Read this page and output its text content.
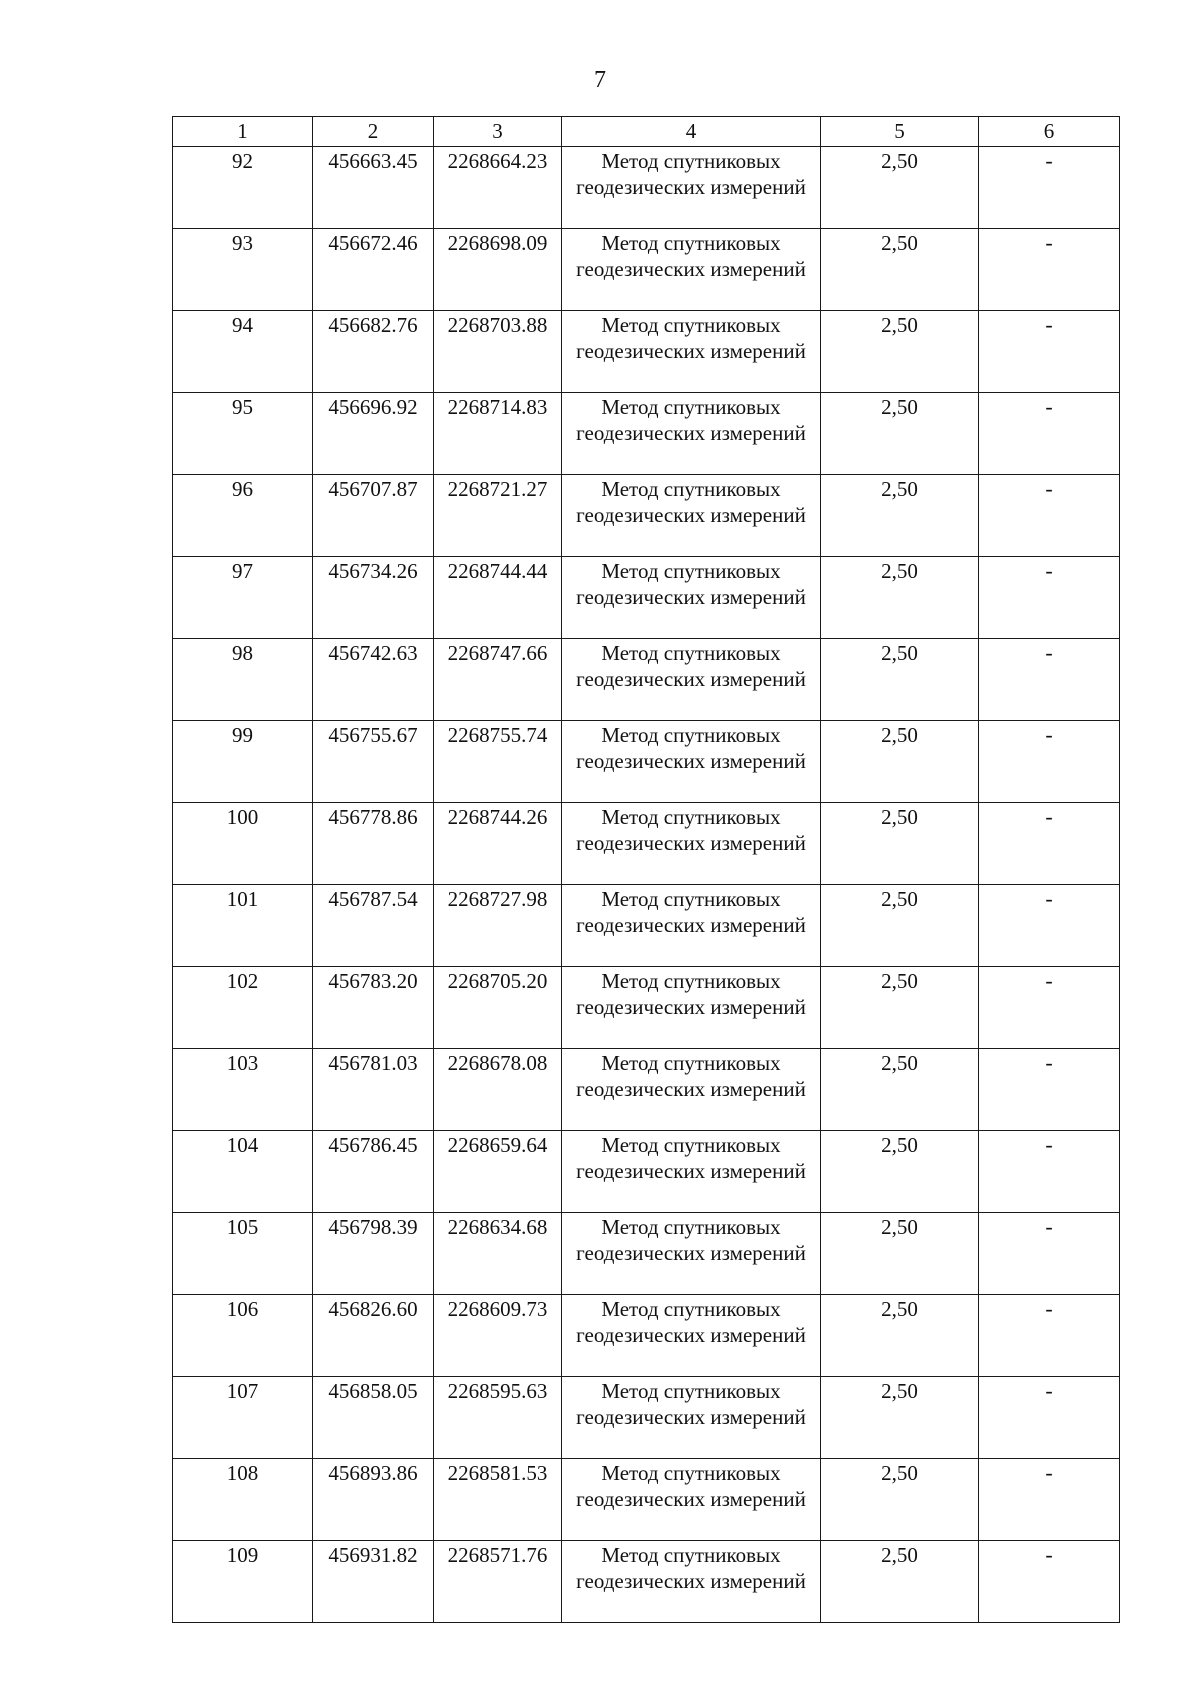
7
1	2	3	4	5	6
92	456663.45	2268664.23	Метод спутниковых геодезических измерений	2,50	-
93	456672.46	2268698.09	Метод спутниковых геодезических измерений	2,50	-
94	456682.76	2268703.88	Метод спутниковых геодезических измерений	2,50	-
95	456696.92	2268714.83	Метод спутниковых геодезических измерений	2,50	-
96	456707.87	2268721.27	Метод спутниковых геодезических измерений	2,50	-
97	456734.26	2268744.44	Метод спутниковых геодезических измерений	2,50	-
98	456742.63	2268747.66	Метод спутниковых геодезических измерений	2,50	-
99	456755.67	2268755.74	Метод спутниковых геодезических измерений	2,50	-
100	456778.86	2268744.26	Метод спутниковых геодезических измерений	2,50	-
101	456787.54	2268727.98	Метод спутниковых геодезических измерений	2,50	-
102	456783.20	2268705.20	Метод спутниковых геодезических измерений	2,50	-
103	456781.03	2268678.08	Метод спутниковых геодезических измерений	2,50	-
104	456786.45	2268659.64	Метод спутниковых геодезических измерений	2,50	-
105	456798.39	2268634.68	Метод спутниковых геодезических измерений	2,50	-
106	456826.60	2268609.73	Метод спутниковых геодезических измерений	2,50	-
107	456858.05	2268595.63	Метод спутниковых геодезических измерений	2,50	-
108	456893.86	2268581.53	Метод спутниковых геодезических измерений	2,50	-
109	456931.82	2268571.76	Метод спутниковых геодезических измерений	2,50	-
